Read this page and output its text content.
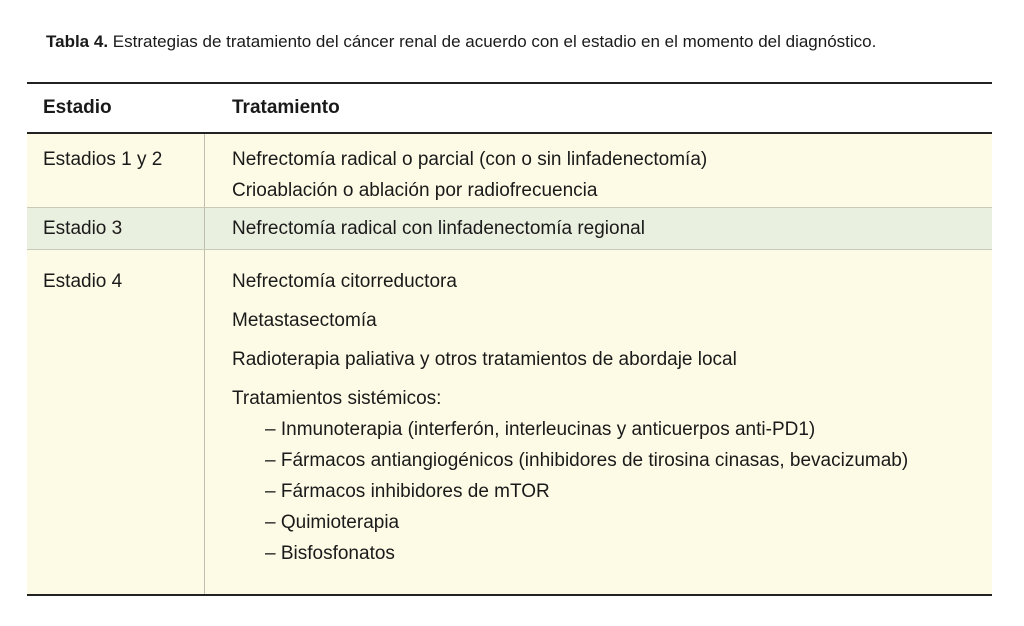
Tabla 4. Estrategias de tratamiento del cáncer renal de acuerdo con el estadio en el momento del diagnóstico.
Estadio	Tratamiento
Estadios 1 y 2	Nefrectomía radical o parcial (con o sin linfadenectomía)
Crioablación o ablación por radiofrecuencia
Estadio 3	Nefrectomía radical con linfadenectomía regional
Estadio 4	Nefrectomía citorreductora
Metastasectomía
Radioterapia paliativa y otros tratamientos de abordaje local
Tratamientos sistémicos:
– Inmunoterapia (interferón, interleucinas y anticuerpos anti-PD1)
– Fármacos antiangiogénicos (inhibidores de tirosina cinasas, bevacizumab)
– Fármacos inhibidores de mTOR
– Quimioterapia
– Bisfosfonatos
